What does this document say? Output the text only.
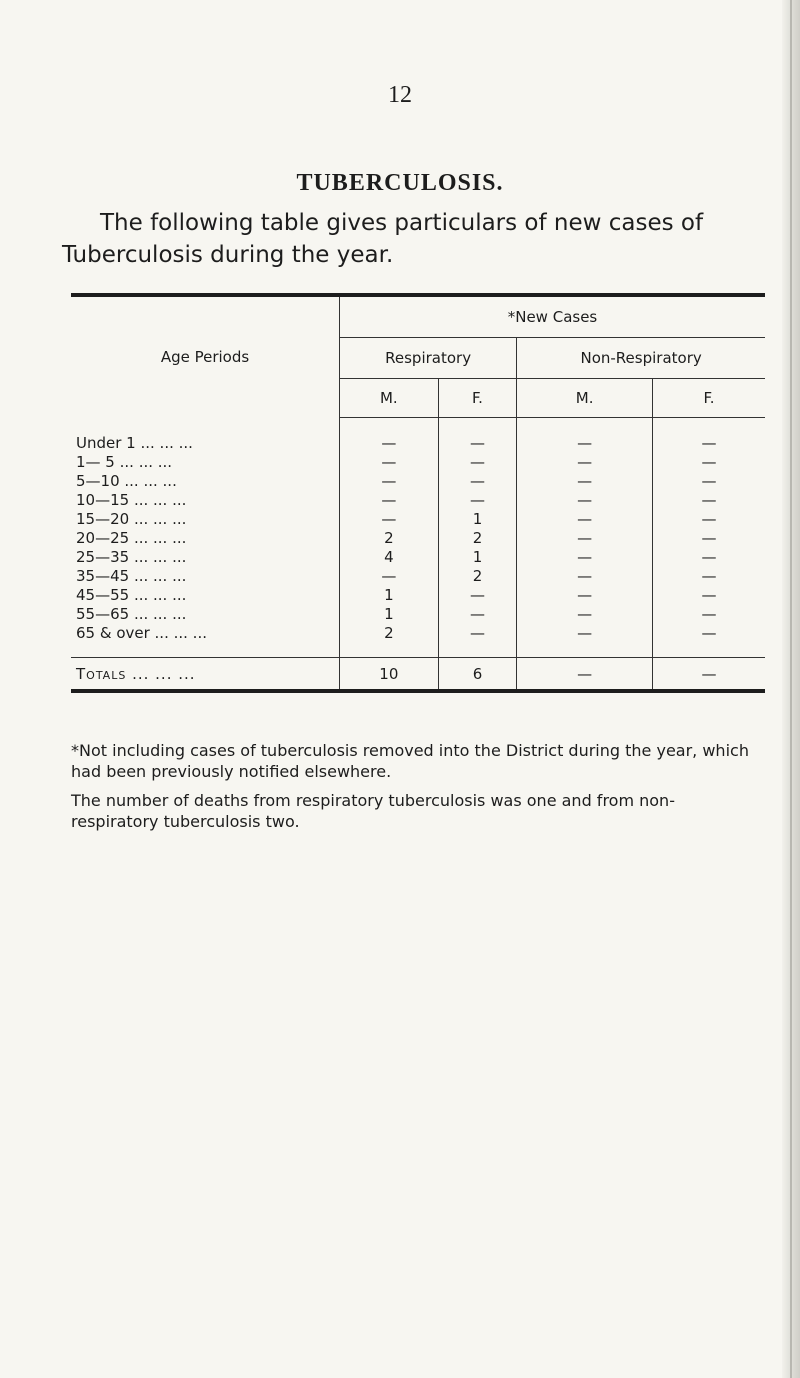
12
TUBERCULOSIS.

The following table gives particulars of new cases of Tuberculosis during the year.

Age Periods	*New Cases			
	Respiratory		Non-Respiratory	
	M.	F.	M.	F.
Under 1 ... ... ...	—	—	—	—
1— 5 ... ... ...	—	—	—	—
5—10 ... ... ...	—	—	—	—
10—15 ... ... ...	—	—	—	—
15—20 ... ... ...	—	1	—	—
20—25 ... ... ...	2	2	—	—
25—35 ... ... ...	4	1	—	—
35—45 ... ... ...	—	2	—	—
45—55 ... ... ...	1	—	—	—
55—65 ... ... ...	1	—	—	—
65 & over ... ... ...	2	—	—	—
Totals ... ... ...	10	6	—	—

*Not including cases of tuberculosis removed into the District during the year, which had been previously notified elsewhere.

The number of deaths from respiratory tuberculosis was one and from non-respiratory tuberculosis two.
